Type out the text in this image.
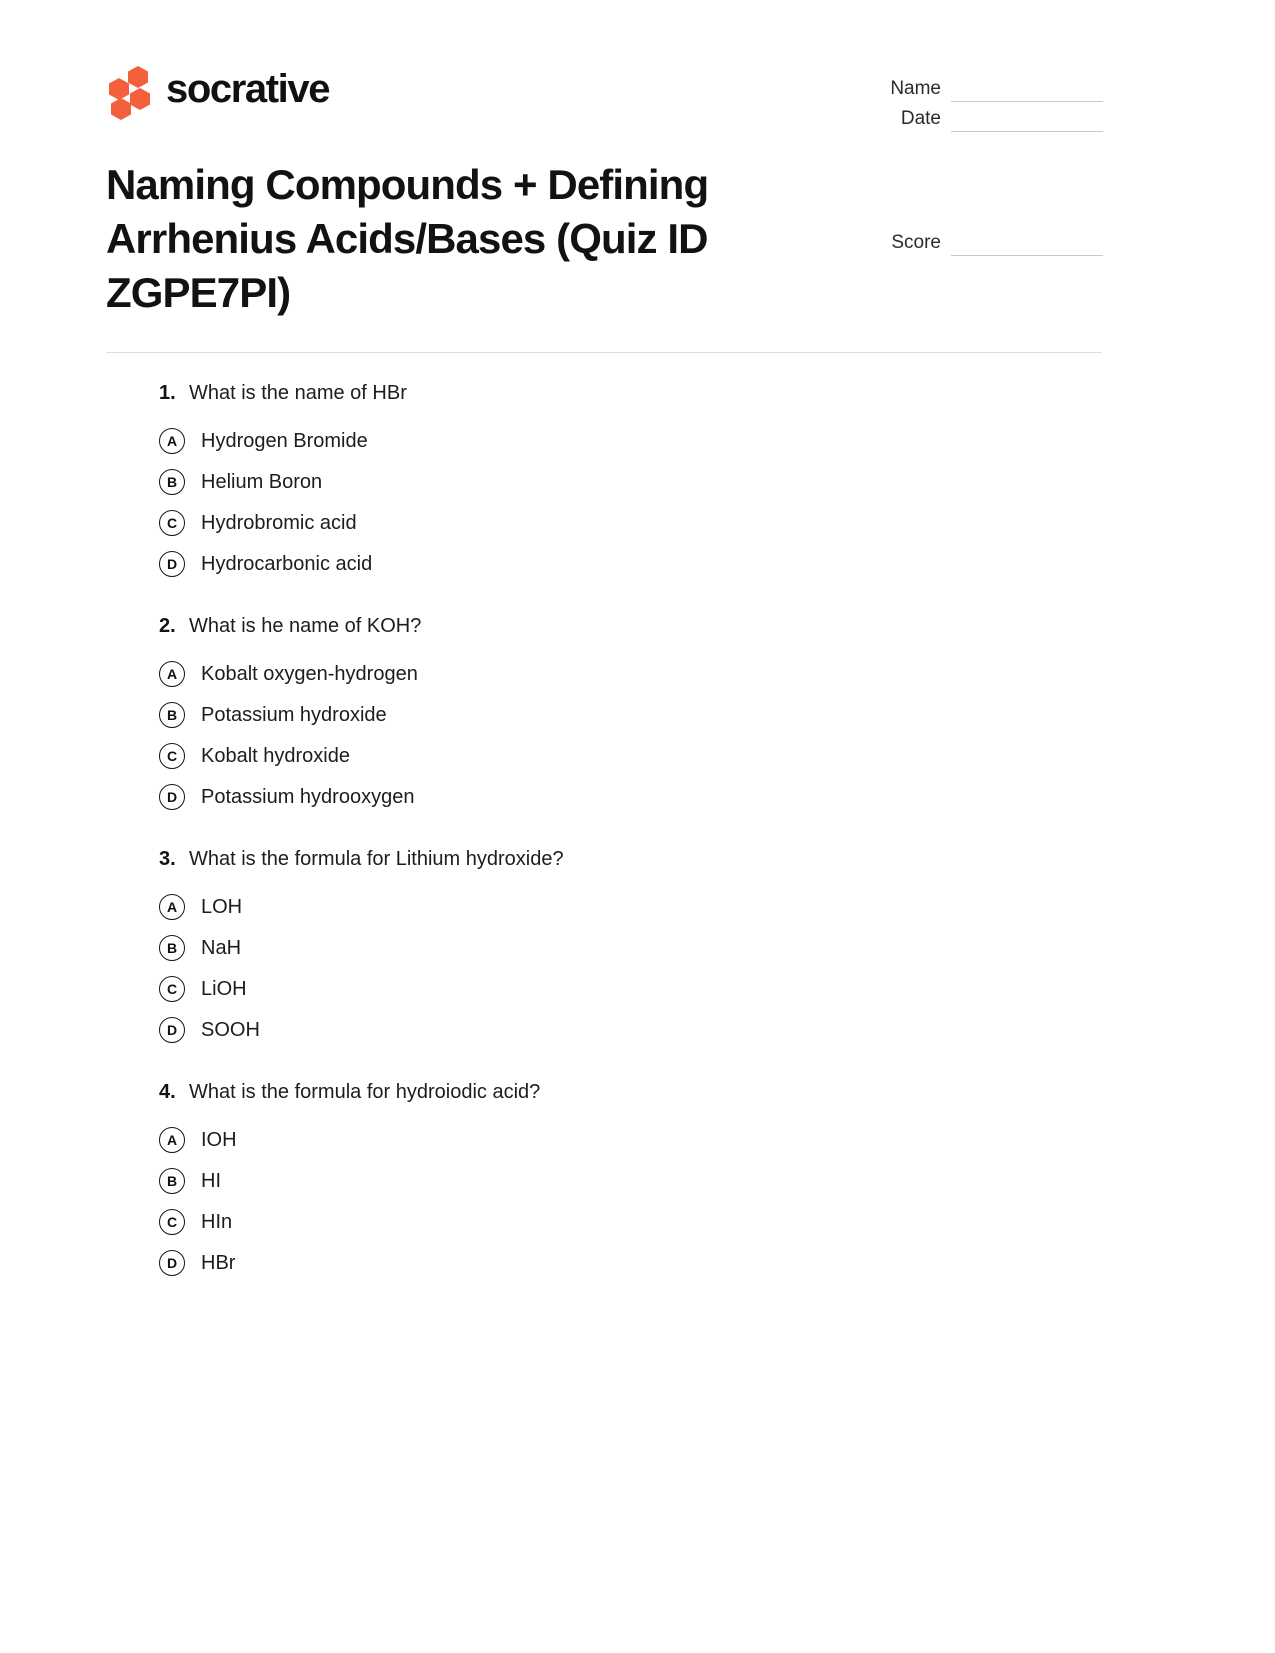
socrative	Name
Date
Score
Naming Compounds + Defining Arrhenius Acids/Bases (Quiz ID ZGPE7PI)
1. What is the name of HBr
A	Hydrogen Bromide
B	Helium Boron
C	Hydrobromic acid
D	Hydrocarbonic acid
2. What is he name of KOH?
A	Kobalt oxygen-hydrogen
B	Potassium hydroxide
C	Kobalt hydroxide
D	Potassium hydrooxygen
3. What is the formula for Lithium hydroxide?
A	LOH
B	NaH
C	LiOH
D	SOOH
4. What is the formula for hydroiodic acid?
A	IOH
B	HI
C	HIn
D	HBr
